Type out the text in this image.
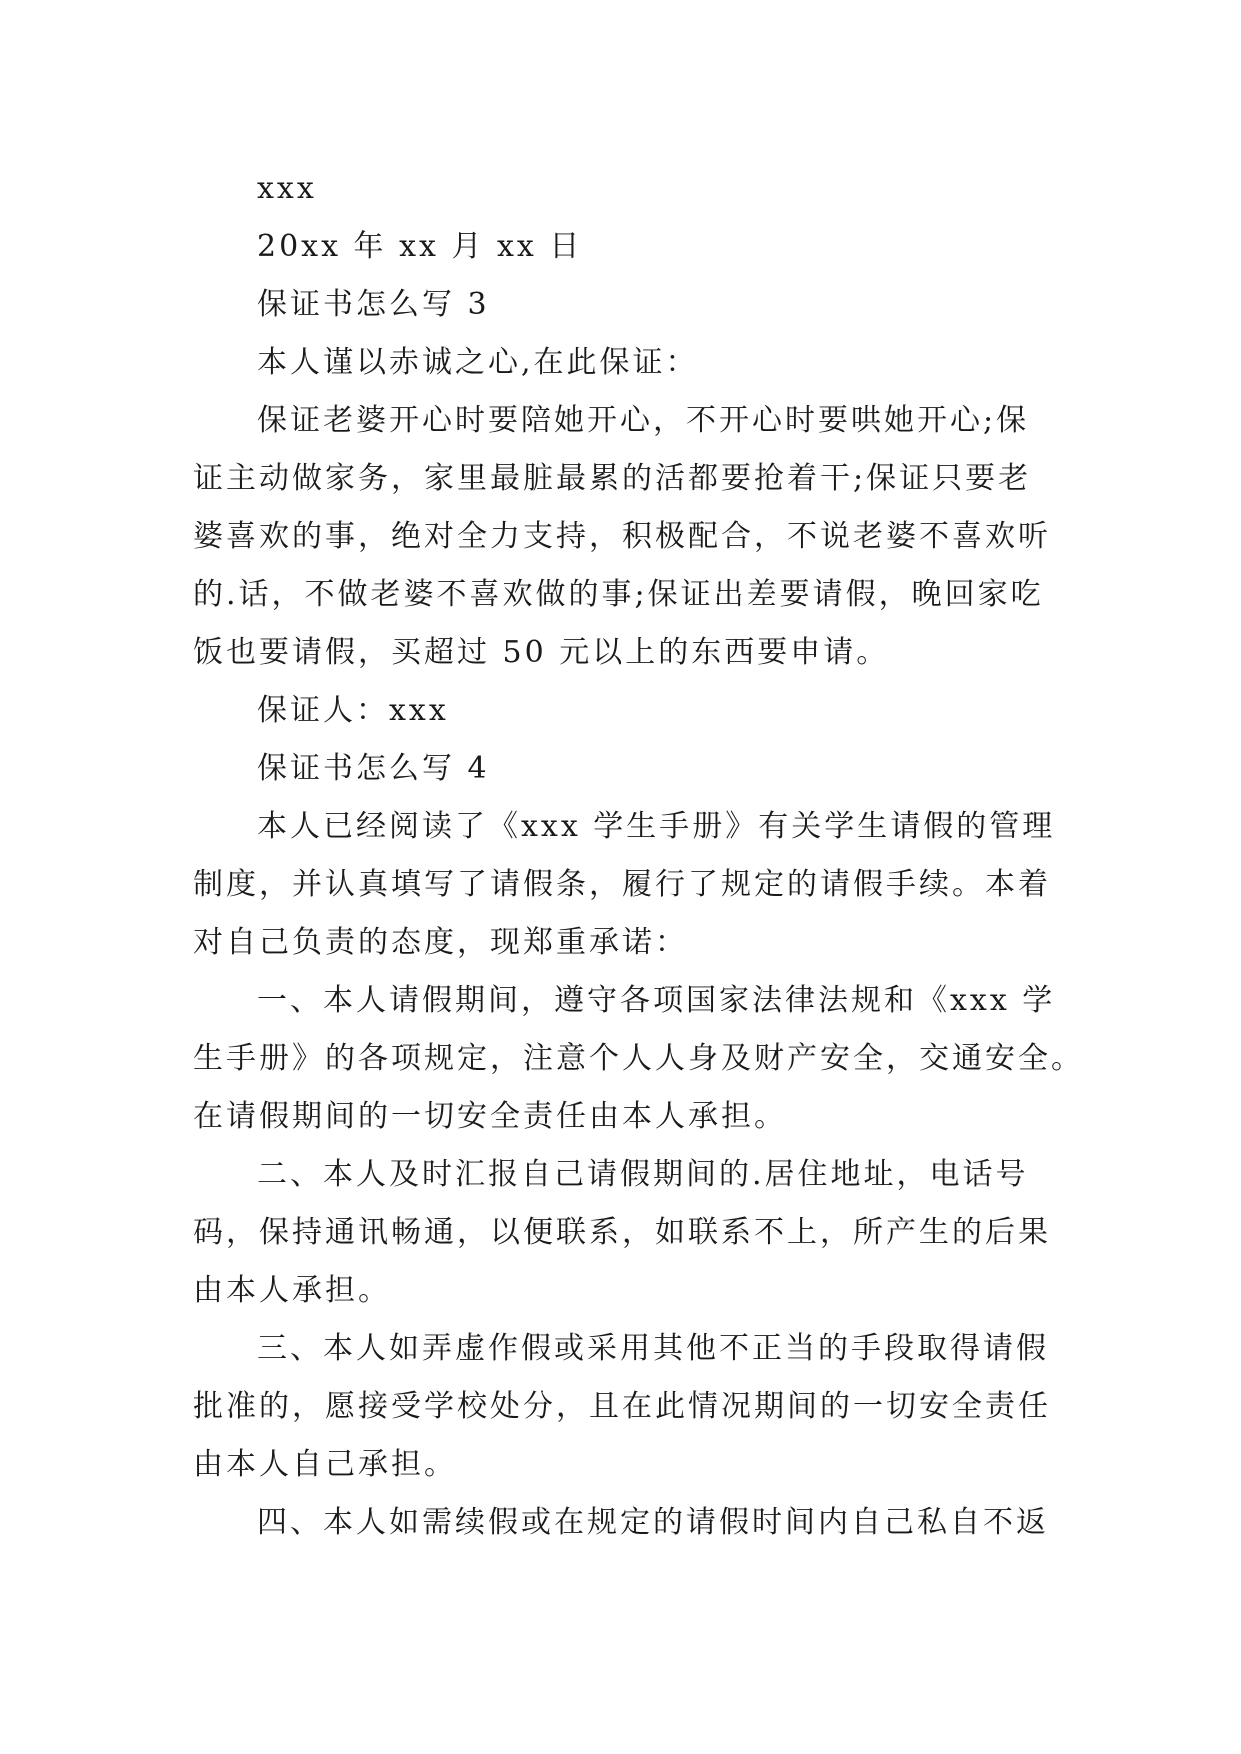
xxx

20xx 年 xx 月 xx 日

保证书怎么写 3

本人谨以赤诚之心,在此保证：

保证老婆开心时要陪她开心，不开心时要哄她开心;保

证主动做家务，家里最脏最累的活都要抢着干;保证只要老

婆喜欢的事，绝对全力支持，积极配合，不说老婆不喜欢听

的.话，不做老婆不喜欢做的事;保证出差要请假，晚回家吃

饭也要请假，买超过 50 元以上的东西要申请。

保证人：xxx

保证书怎么写 4

本人已经阅读了《xxx 学生手册》有关学生请假的管理

制度，并认真填写了请假条，履行了规定的请假手续。本着

对自己负责的态度，现郑重承诺：

一、本人请假期间，遵守各项国家法律法规和《xxx 学

生手册》的各项规定，注意个人人身及财产安全，交通安全。

在请假期间的一切安全责任由本人承担。

二、本人及时汇报自己请假期间的.居住地址，电话号

码，保持通讯畅通，以便联系，如联系不上，所产生的后果

由本人承担。

三、本人如弄虚作假或采用其他不正当的手段取得请假

批准的，愿接受学校处分，且在此情况期间的一切安全责任

由本人自己承担。

四、本人如需续假或在规定的请假时间内自己私自不返
